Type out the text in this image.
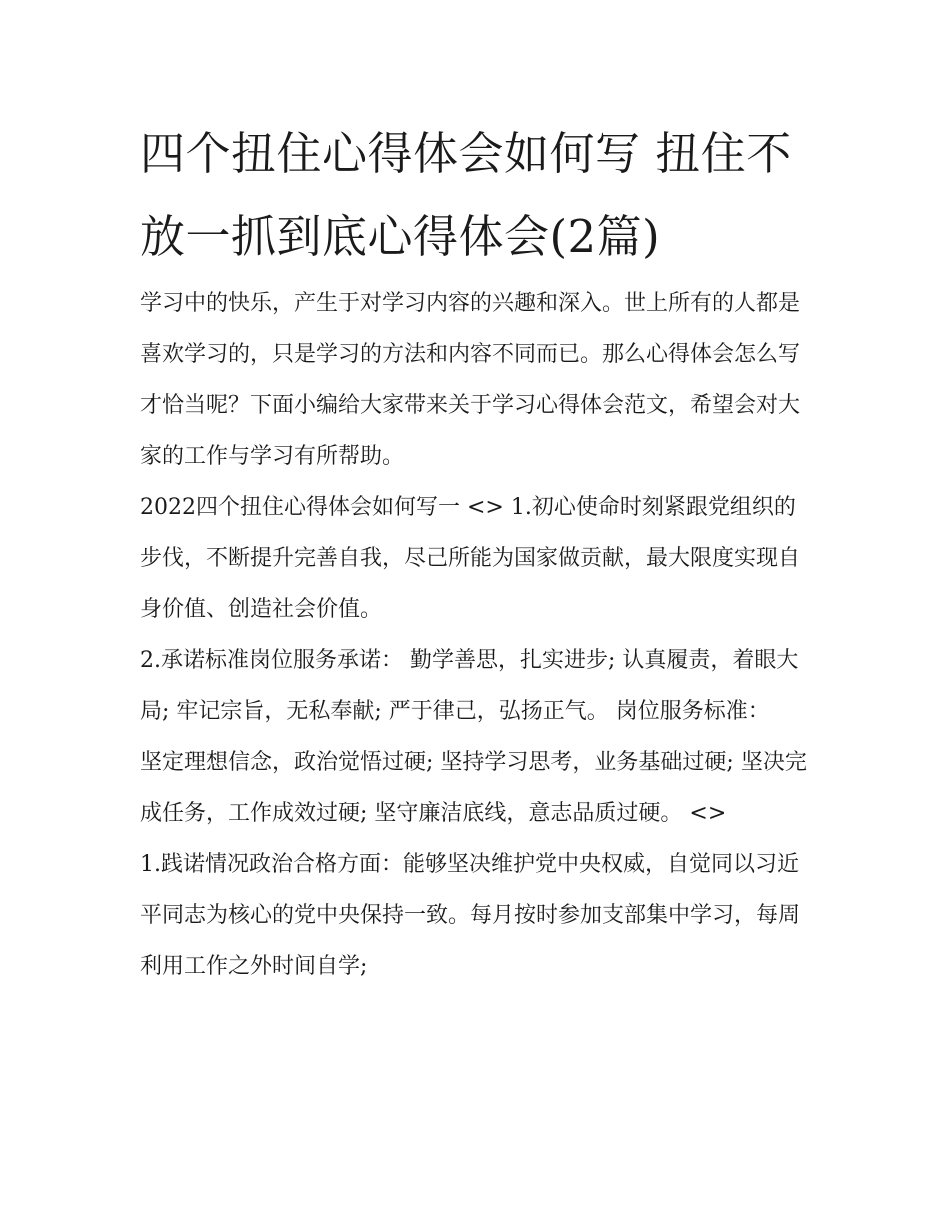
四个扭住心得体会如何写 扭住不放一抓到底心得体会(2篇)

学习中的快乐，产生于对学习内容的兴趣和深入。世上所有的人都是喜欢学习的，只是学习的方法和内容不同而已。那么心得体会怎么写才恰当呢？下面小编给大家带来关于学习心得体会范文，希望会对大家的工作与学习有所帮助。

2022四个扭住心得体会如何写一 <> 1.初心使命时刻紧跟党组织的步伐，不断提升完善自我，尽己所能为国家做贡献，最大限度实现自身价值、创造社会价值。

2.承诺标准岗位服务承诺： 勤学善思，扎实进步; 认真履责，着眼大局; 牢记宗旨，无私奉献; 严于律己，弘扬正气。 岗位服务标准：

坚定理想信念，政治觉悟过硬; 坚持学习思考，业务基础过硬; 坚决完成任务，工作成效过硬; 坚守廉洁底线，意志品质过硬。 <>

1.践诺情况政治合格方面：能够坚决维护党中央权威，自觉同以习近平同志为核心的党中央保持一致。每月按时参加支部集中学习，每周利用工作之外时间自学;
